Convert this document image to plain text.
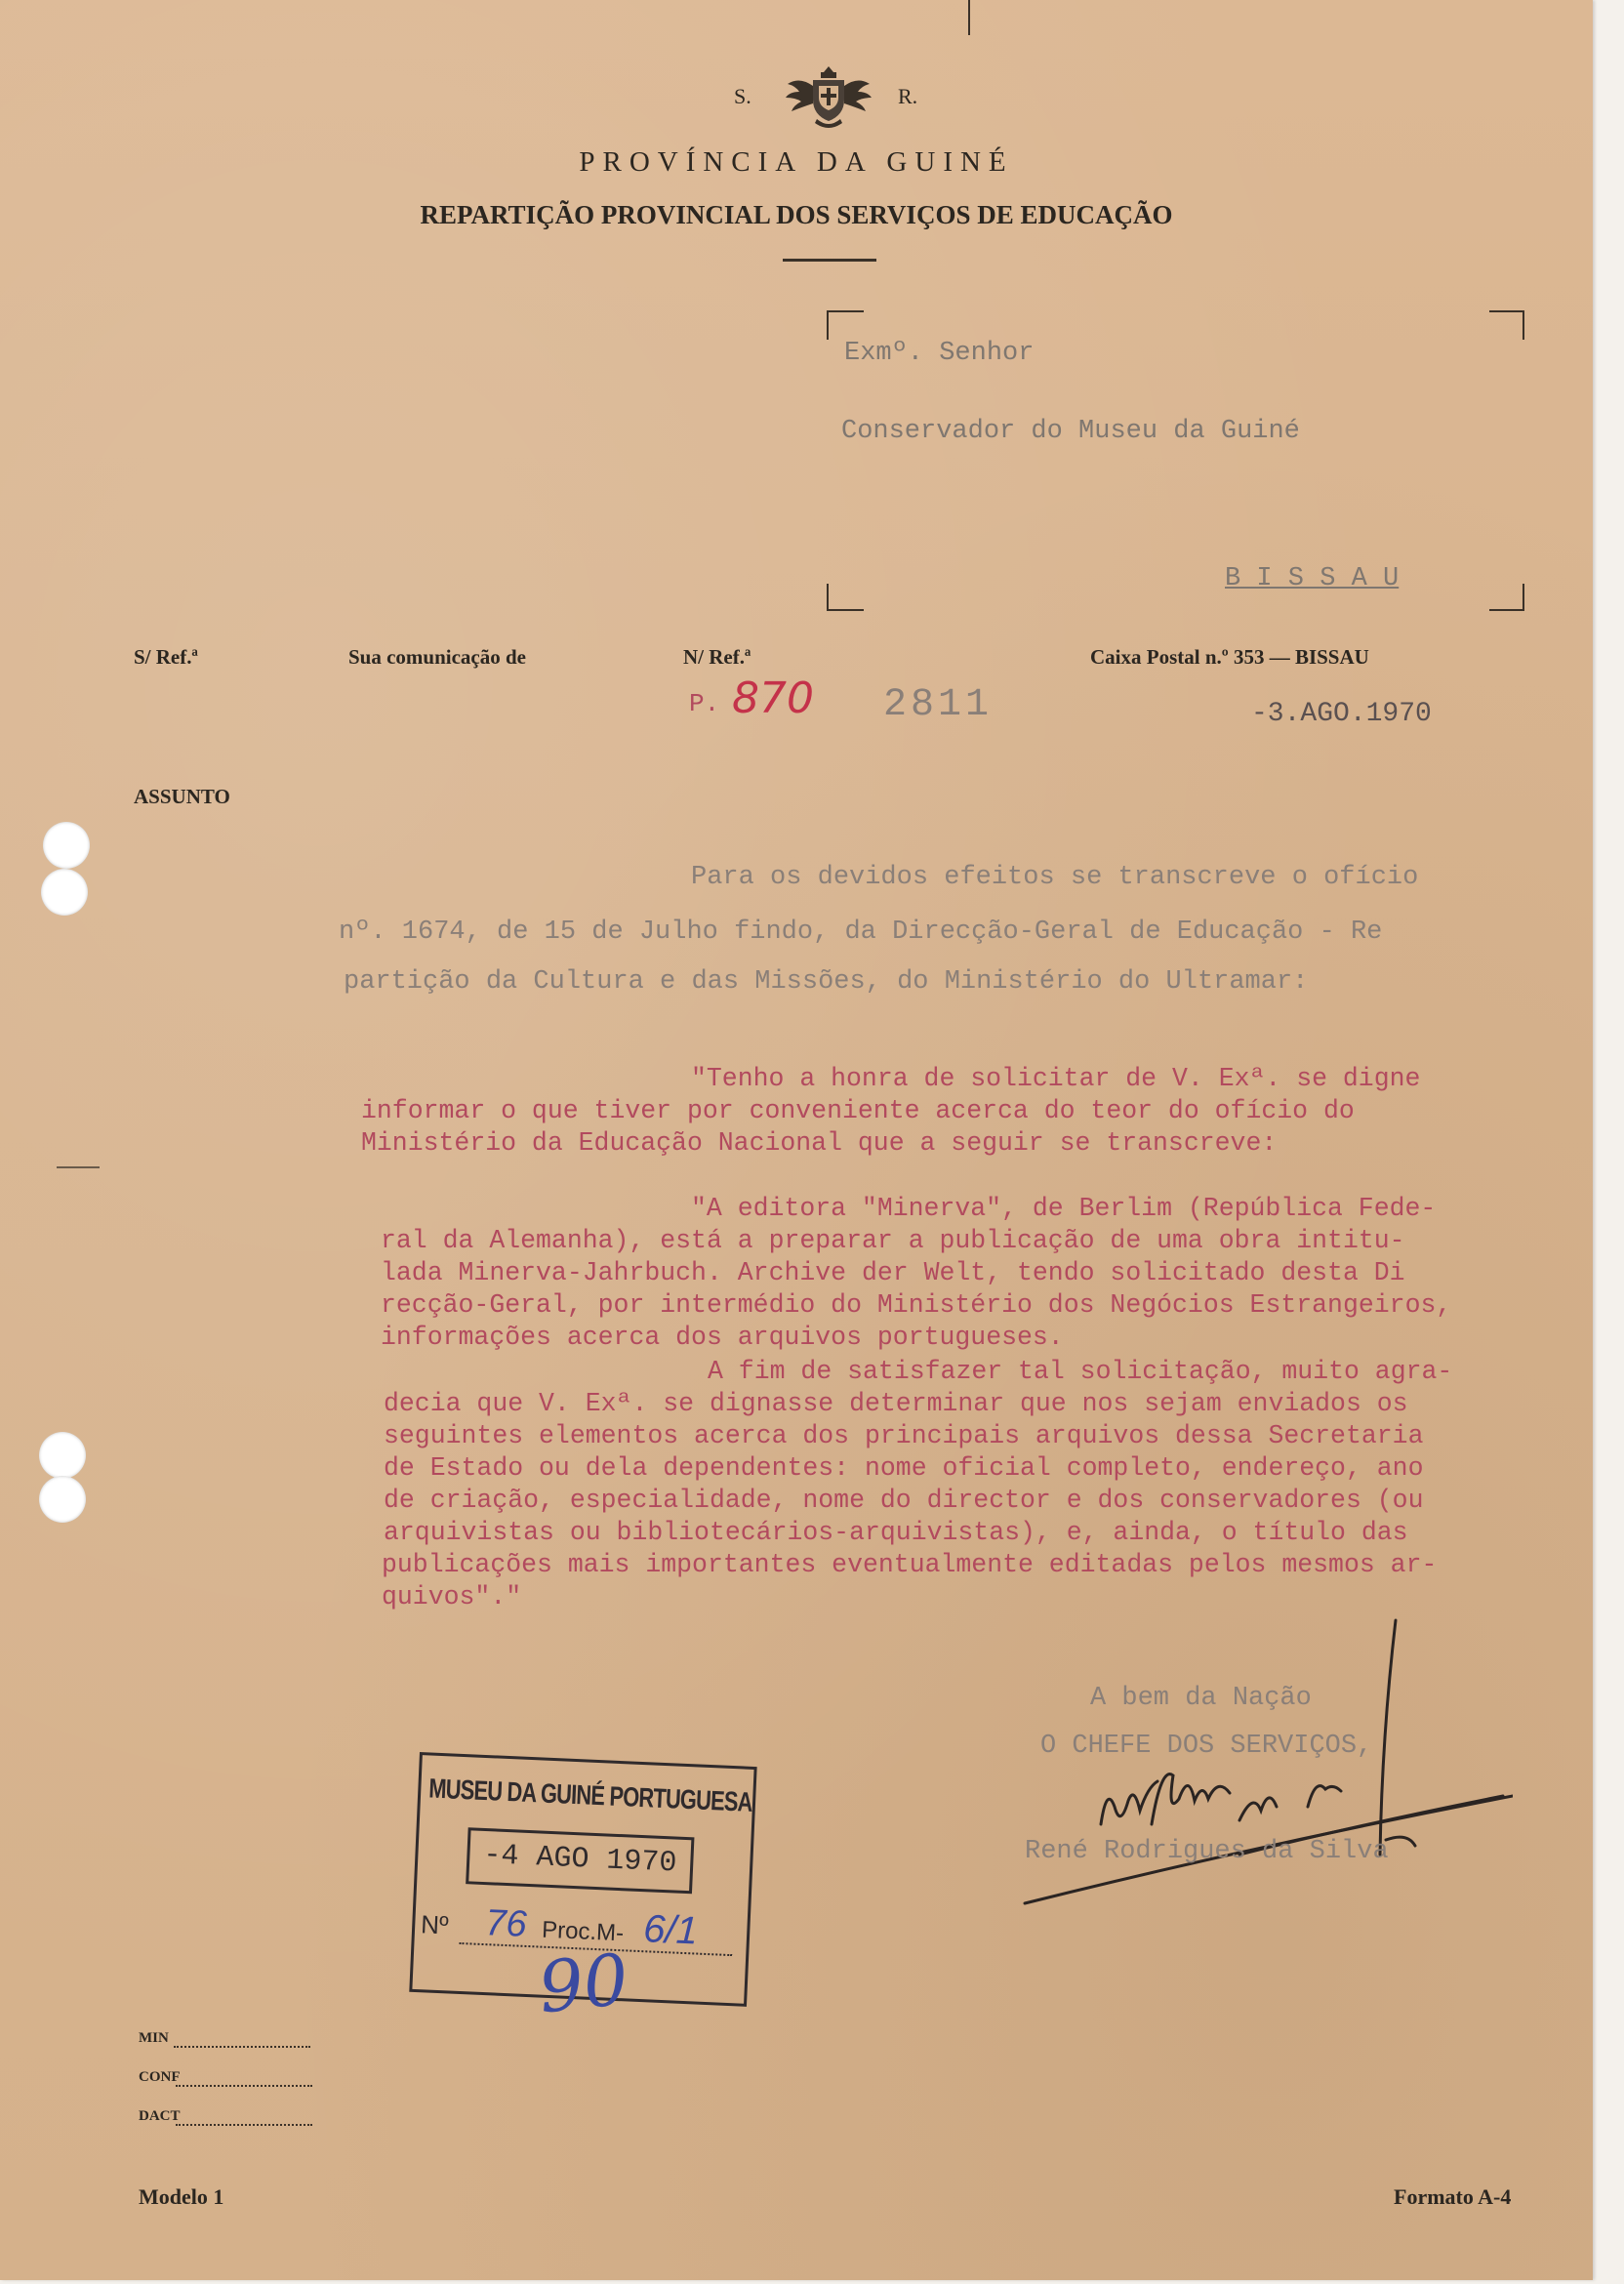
S.	R.
PROVÍNCIA DA GUINÉ
REPARTIÇÃO PROVINCIAL DOS SERVIÇOS DE EDUCAÇÃO
Exmº. Senhor
Conservador do Museu da Guiné
B I S S A U
S/ Ref.ª	Sua comunicação de	N/ Ref.ª	Caixa Postal n.º 353 — BISSAU
P. 870 2811	-3.AGO.1970
ASSUNTO
Para os devidos efeitos se transcreve o ofício
nº. 1674, de 15 de Julho findo, da Direcção-Geral de Educação - Re
partição da Cultura e das Missões, do Ministério do Ultramar:
"Tenho a honra de solicitar de V. Exª. se digne
informar o que tiver por conveniente acerca do teor do ofício do
Ministério da Educação Nacional que a seguir se transcreve:
"A editora "Minerva", de Berlim (República Fede-
ral da Alemanha), está a preparar a publicação de uma obra intitu-
lada Minerva-Jahrbuch. Archive der Welt, tendo solicitado desta Di
recção-Geral, por intermédio do Ministério dos Negócios Estrangeiros,
informações acerca dos arquivos portugueses.
A fim de satisfazer tal solicitação, muito agra-
decia que V. Exª. se dignasse determinar que nos sejam enviados os
seguintes elementos acerca dos principais arquivos dessa Secretaria
de Estado ou dela dependentes: nome oficial completo, endereço, ano
de criação, especialidade, nome do director e dos conservadores (ou
arquivistas ou bibliotecários-arquivistas), e, ainda, o título das
publicações mais importantes eventualmente editadas pelos mesmos ar-
quivos"."
A bem da Nação
O CHEFE DOS SERVIÇOS,
René Rodrigues da Silva
MUSEU DA GUINÉ PORTUGUESA
-4 AGO 1970
Nº 76 Proc.M- 6/1
90
MIN
CONF
DACT
Modelo 1	Formato A-4
